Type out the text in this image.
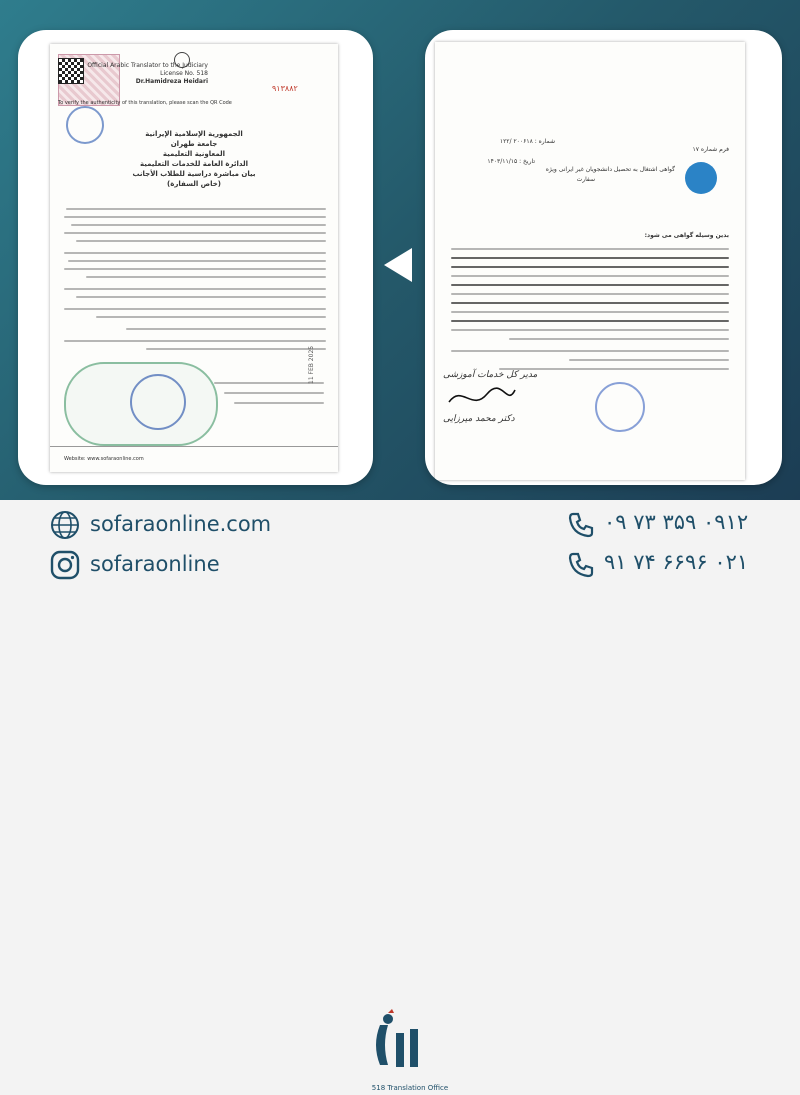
۹۱۳۸۸۲
Official Arabic Translator to the Judiciary
License No. 518
Dr.Hamidreza Heidari
To verify the authenticity of this translation, please scan the QR Code
الجمهورية الإسلامية الإيرانية
جامعة طهران
المعاونية التعليمية
الدائرة العامة للخدمات التعليمية
بيان مباشرة دراسية للطلاب الأجانب
(خاص السفارة)
11 FEB 2025
Website: www.sofaraonline.com
فرم شماره ۱۷
شماره : ۲۰۰۶۱۸ /۱۲۲
تاریخ : ۱۴۰۳/۱۱/۱۵
گواهی اشتغال به تحصیل دانشجویان غیر ایرانی ویژه
سفارت
بدین وسیله گواهی می شود:
مدیر کل خدمات آموزشی
دکتر محمد میرزایی
sofaraonline.com
sofaraonline
518 Translation Office
۰۹۱۲ ۳۵۹ ۷۳ ۰۹
۰۲۱ ۶۶۹۶ ۷۴ ۹۱
